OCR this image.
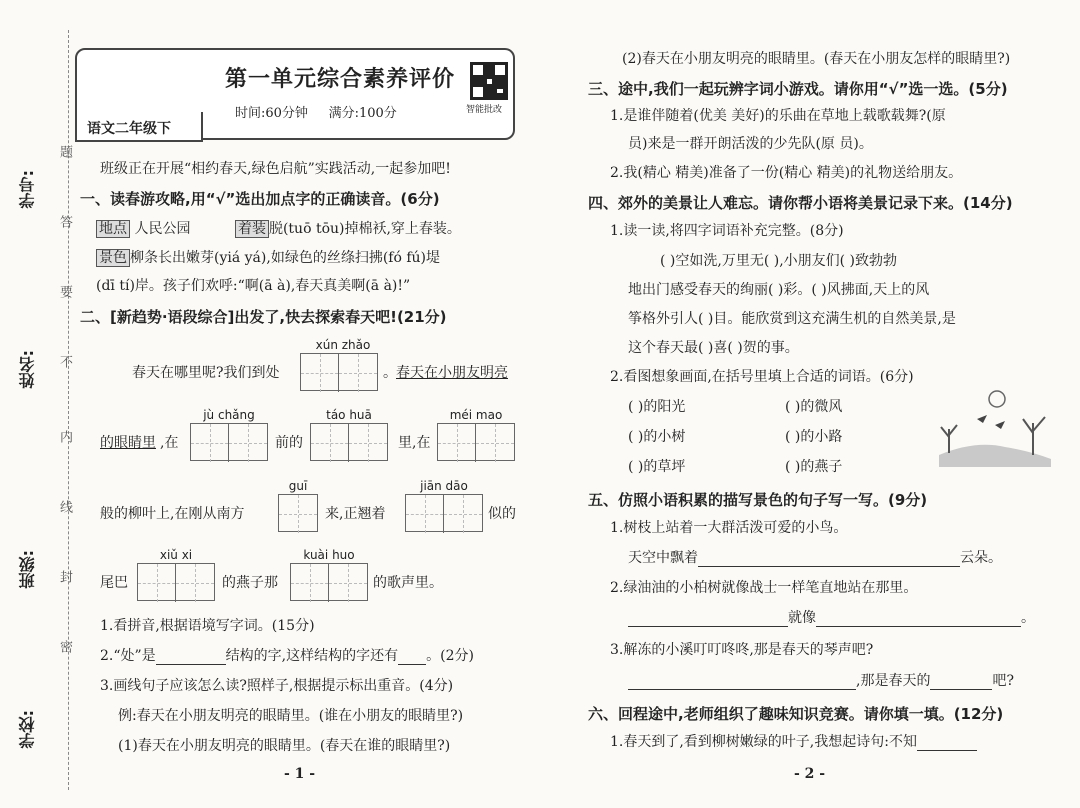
学号:
姓名:
班级:
学校:
题
答
要
不
内
线
封
密
语文二年级下
第一单元综合素养评价
时间:60分钟 满分:100分	智能批改
班级正在开展“相约春天,绿色启航”实践活动,一起参加吧!
一、读春游攻略,用“√”选出加点字的正确读音。(6分)
地点 人民公园	着装 脱(tuō tōu)掉棉袄,穿上春装。
景色 柳条长出嫩芽(yiá yá),如绿色的丝绦扫拂(fó fú)堤
(dī tí)岸。孩子们欢呼:“啊(ā à),春天真美啊(ā à)!”
二、[新趋势·语段综合]出发了,快去探索春天吧!(21分)
xún zhǎo
春天在哪里呢?我们到处	。 春天在小朋友明亮
jù chǎng	táo huā	méi mao
的眼睛里 ,在	前的	里,在
guī	jiān dāo
般的柳叶上,在刚从南方	来,正翘着	似的
xiǔ xi	kuài huo
尾巴	的燕子那	的歌声里。
1.看拼音,根据语境写字词。(15分)
2.“处”是	结构的字,这样结构的字还有 。(2分)
3.画线句子应该怎么读?照样子,根据提示标出重音。(4分)
例:春天在小朋友明亮的眼睛里。(谁在小朋友的眼睛里?)
(1)春天在小朋友明亮的眼睛里。(春天在谁的眼睛里?)
- 1 -
(2)春天在小朋友明亮的眼睛里。(春天在小朋友怎样的眼睛里?)
三、途中,我们一起玩辨字词小游戏。请你用“√”选一选。(5分)
1.是谁伴随着(优美 美好)的乐曲在草地上载歌载舞?(原
员)来是一群开朗活泼的少先队(原 员)。
2.我(精心 精美)准备了一份(精心 精美)的礼物送给朋友。
四、郊外的美景让人难忘。请你帮小语将美景记录下来。(14分)
1.读一读,将四字词语补充完整。(8分)
( )空如洗,万里无( ),小朋友们( )致勃勃
地出门感受春天的绚丽( )彩。( )风拂面,天上的风
筝格外引人( )目。能欣赏到这充满生机的自然美景,是
这个春天最( )喜( )贺的事。
2.看图想象画面,在括号里填上合适的词语。(6分)
( )的阳光	( )的微风
( )的小树	( )的小路
( )的草坪	( )的燕子
五、仿照小语积累的描写景色的句子写一写。(9分)
1.树枝上站着一大群活泼可爱的小鸟。
天空中飘着	云朵。
2.绿油油的小柏树就像战士一样笔直地站在那里。
就像	。
3.解冻的小溪叮叮咚咚,那是春天的琴声吧?
,那是春天的	吧?
六、回程途中,老师组织了趣味知识竞赛。请你填一填。(12分)
1.春天到了,看到柳树嫩绿的叶子,我想起诗句:不知
- 2 -
